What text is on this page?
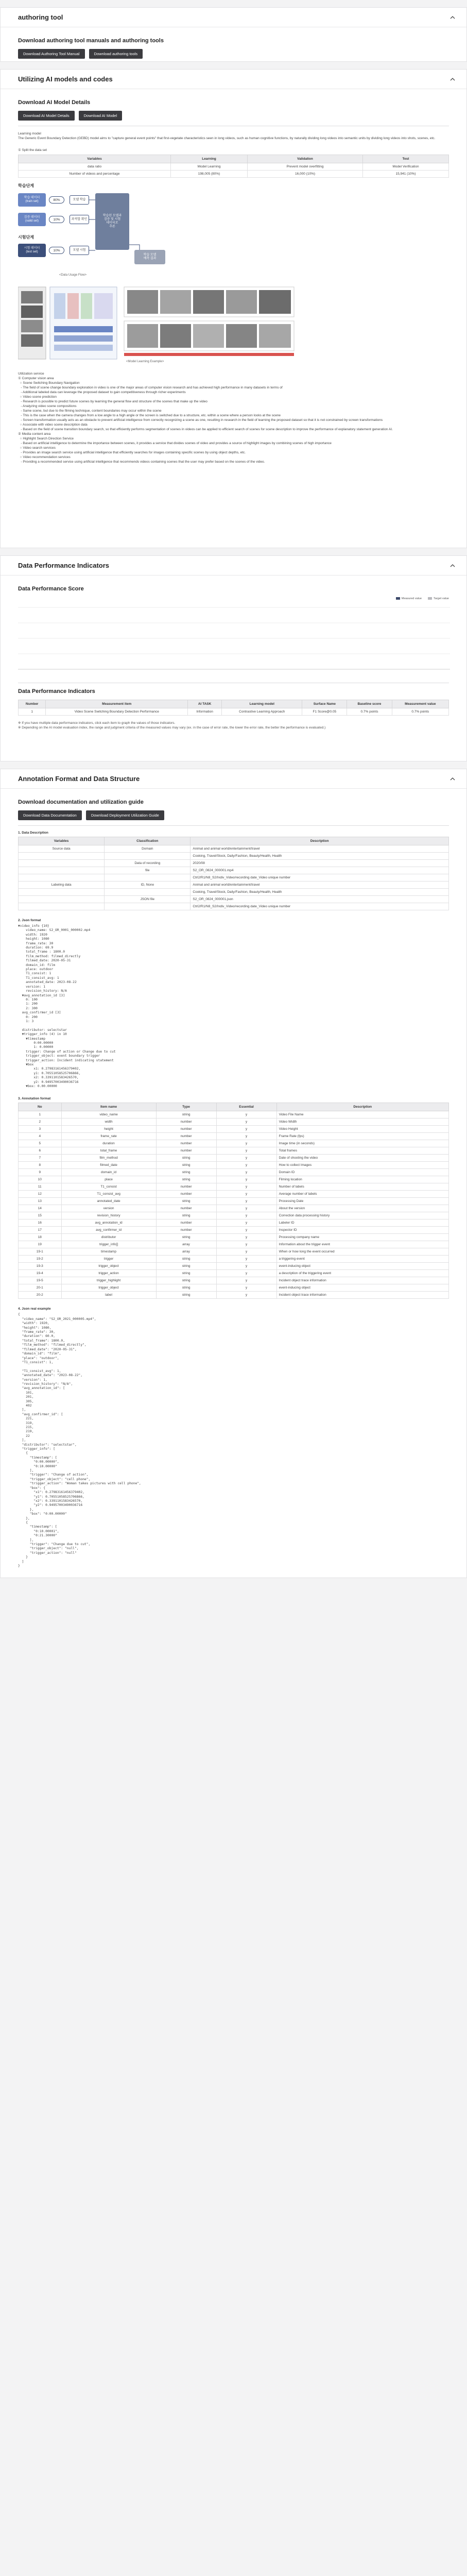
authoring tool
Download authoring tool manuals and authoring tools
Download Authoring Tool Manual	Download authoring tools
Utilizing AI models and codes
Download AI Model Details
Download AI Model Details	Download AI Model
Learning model
The Generic Event Boundary Detection (GEBD) model aims to "capture general event points" that first-vegetate characteristics seen in long videos, such as human cognitive functions, by naturally dividing long videos into semantic units by dividing long videos into shots, scenes, etc.
① Split the data set
Variables	Learning	Validation	Test
data ratio	Model Learning	Prevent model overfitting	Model Verification
Number of videos and percentage	198,005 (80%)	16,000 (10%)	15,941 (10%)
학습단계
학습 데이터
(train set)
검증 데이터
(valid set)
80%
10%
모델 학습
과적합 확인
학습된 모델과
검증 및 시험
데이터로
추론
시험단계
시험 데이터
(test set)	10%	모델 시험
학습 모델
예측 결과
<Data Usage Flow>
<Model Learning Example>
Utilization service
① Computer vision area
○ Scene Switching Boundary Navigation
- The field of scene change boundary exploration in video is one of the major areas of computer vision research and has achieved high performance in many datasets in terms of
- Additional labeled data can leverage the proposed dataset to gain competitiveness through richer experiments
○ Video scene prediction
- Research is possible to predict future scenes by learning the general flow and structure of the scenes that make up the video
- Analyzing video scene compositions
- Same scene, but due to the filming technique, content boundaries may occur within the scene
- This is the case when the camera changes from a low angle to a high angle or the screen is switched due to a structure, etc. within a scene where a person looks at the scene
- Screen transformation usually acts as an obstacle to prevent artificial intelligence from correctly recognizing a scene as one, resulting in research in the field of learning the proposed dataset so that it is not constrained by screen transformations
○ Associate with video scene description data
- Based on the field of scene transition boundary search, so that efficiently performs segmentation of scenes in videos can be applied to efficient search of scenes for scene description to improve the performance of explanatory statement generation AI.
② Media content area
○ Highlight Search Direction Service
- Based on artificial intelligence to determine the importance between scenes, it provides a service that divides scenes of video and provides a source of highlight images by combining scenes of high importance
○ Video search services
- Provides an image search service using artificial intelligence that efficiently searches for images containing specific scenes by using object depths, etc.
○ Video recommendation services
- Providing a recommended service using artificial intelligence that recommends videos containing scenes that the user may prefer based on the scenes of the video.
Data Performance Indicators
Data Performance Score
Measured value	Target value
Data Performance Indicators
Number	Measurement item	AI TASK	Learning model	Surface Name	Baseline score	Measurement value
1	Video Scene Switching Boundary Detection Performance	Information	Contrastive Learning Approach	F1 Score@0.05	0.7% points	0.7% points
※ If you have multiple data performance indicators, click each item to graph the values of those indicators.
※ Depending on the AI model evaluation index, the range and judgment criteria of the measured values may vary (ex. in the case of error rate, the lower the error rate, the better the performance is evaluated.)
Annotation Format and Data Structure
Download documentation and utilization guide
Download Data Documentation	Download Deployment Utilization Guide
1. Data Description
Variables	Classification	Description
Source data	Domain	Animal and animal world/entertainment/travel
		Cooking, Travel/Stock, Daily/Fashion, Beauty/Health, Health
	Data of recording	2020/08
	file	S2_OR_0824_000001.mp4
		Ctrl2/R1/N8_S2/Indiv_Video/recording date_Video unique number
Labeling data	ID, None	Animal and animal world/entertainment/travel
		Cooking, Travel/Stock, Daily/Fashion, Beauty/Health, Health
	JSON file	S2_OR_0824_000001.json
		Ctrl2/R1/N8_S2/Indiv_Video/recording date_Video unique number
2. Json format
▼video_info {10}
video_name: S2_OR_0001_000002.mp4
width: 1920
height: 1080
frame_rate: 30
duration: 69.9
total_frame : 1800.0
film_method: filmed_directly
filmed_date: 2020-05-31
domain_id: film
place: outdoor
T1_consist: 1
T1_consist_avg: 1
annotated_date: 2023-08-22
version: 1
revision_history: N/A
▼avg_annotation_id [3]
0: 100
1: 200
2: 300
avg_confirmer_id [3]
0: 200
1: 3

distributor: selectstar
▼trigger_info (4) in 10
▼timestamp
0:00.00000
1: 0.00000
trigger: Change of action or Change due to cut
trigger_object: event boundary trigger
trigger_action: Incident indicating statement
▼box
x1: 0.27983161456379402,
y1: 0.70551058525706866,
x2: 0.3391101583426570,
y2: 0.94957003490036716
▼box: 0.00.00000
3. Annotation format
No	Item name	Type	Essential	Description
1	video_name	string	y	Video File Name
2	width	number	y	Video Width
3	height	number	y	Video Height
4	frame_rate	number	y	Frame Rate (fps)
5	duration	number	y	Image time (in seconds)
6	total_frame	number	y	Total frames
7	film_method	string	y	Date of shooting the video
8	filmed_date	string	y	How to collect Images
9	domain_id	string	y	Domain ID
10	place	string	y	Filming location
11	T1_consist	number	y	Number of labels
12	T1_consist_avg	number	y	Average number of labels
13	annotated_date	string	y	Processing Date
14	version	number	y	About the version
15	revision_history	string	y	Correction data processing history
16	avg_annotation_id	number	y	Labeler ID
17	avg_confirmer_id	number	y	Inspector ID
18	distributor	string	y	Processing company name
19	trigger_info[]	array	y	Information about the trigger event
19-1	timestamp	array	y	When or how long the event occurred
19-2	trigger	string	y	a triggering event
19-3	trigger_object	string	y	event-inducing object
19-4	trigger_action	string	y	a description of the triggering event
19-5	trigger_highlight	string	y	Incident object trace information
20-1	trigger_object	string	y	event-inducing object
20-2	label	string	y	Incident object trace information
4. Json real example
{
"video_name": "S2_OR_2021_000005.mp4",
"width": 1920,
"height": 1080,
"frame_rate": 30,
"duration": 60.0,
"total_frame": 1800.0,
"film_method": "filmed_directly",
"filmed_date": "2020-05-31",
"domain_id": "film",
"place": "outdoor",
"T1_consist": 1,

"T1_consist_avg": 1,
"annotated_date": "2023-08-22",
"version": 1,
"revision_history": "N/A",
"avg_annotation_id": [
101,
201,
305,
402
],
"avg_confirmer_id": [
221,
319,
215,
219,
22
],
"distributor": "selectstar",
"trigger_info": [
{
"timestamp": [
"0:00.00000",
"0:10.00000"
],
"trigger": "Change of action",
"trigger_object": "cell phone",
"trigger_action": "Woman takes pictures with cell phone",
"box": {
"x1": 0.27983161456379402,
"y1": 0.70551058525706866,
"x2": 0.3391101583426570,
"y2": 0.94957003490036716
},
"box": "0:00.00000"
},
{
"timestamp": [
"0:10.00001",
"0:21.30000"
],
"trigger": "Change due to cut",
"trigger_object": "null",
"trigger_action": "null"
}
]
}
